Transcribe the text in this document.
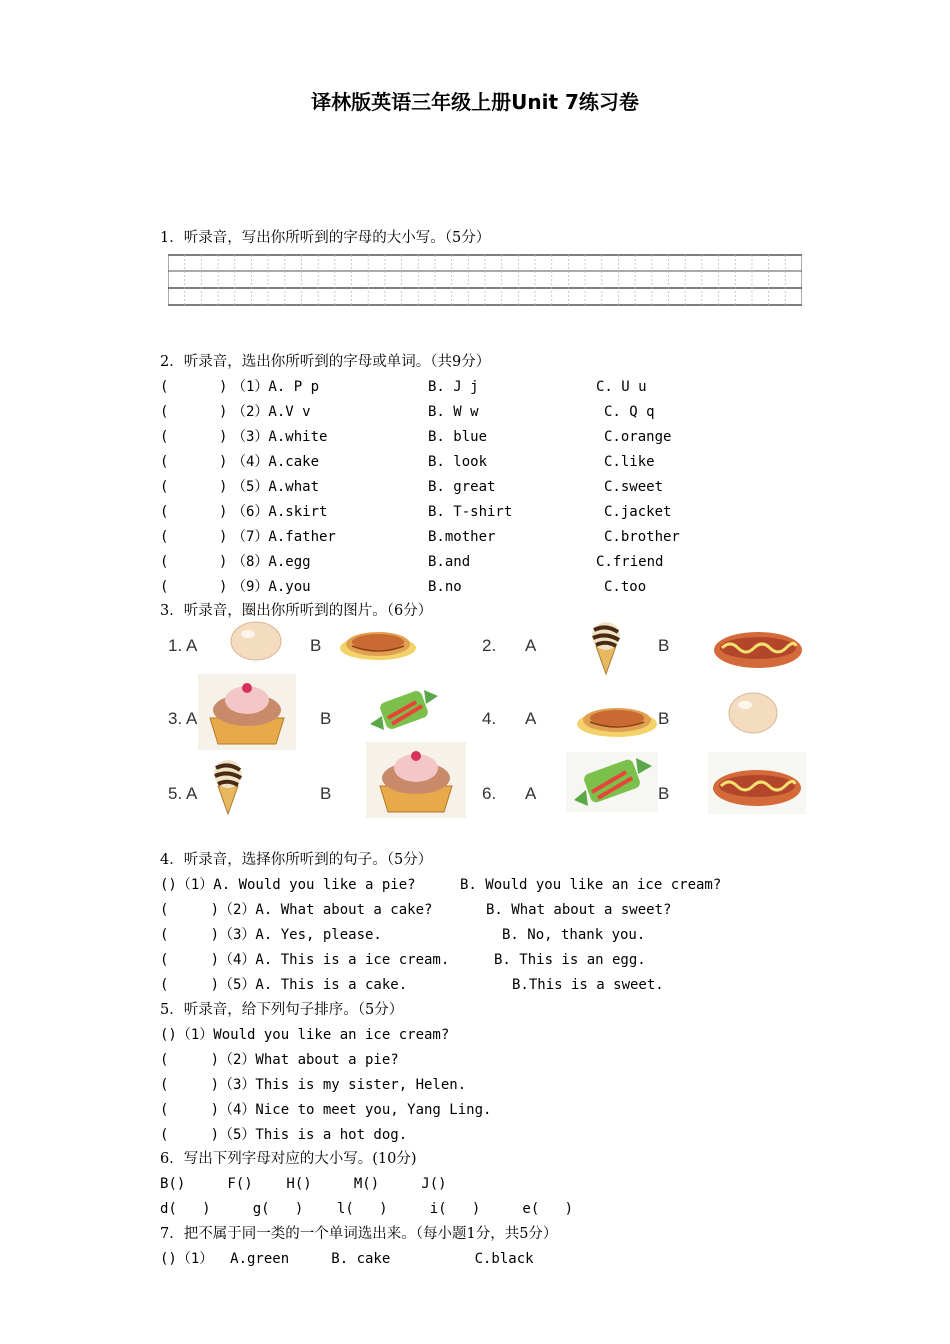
译林版英语三年级上册Unit 7练习卷
1．听录音，写出你所听到的字母的大小写。（5分）
2．听录音，选出你所听到的字母或单词。（共9分）
(      ) （1）A. P p	B. J j	C. U u
(      ) （2）A.V v	B. W w	C. Q q
(      ) （3）A.white	B. blue	C.orange
(      ) （4）A.cake	B. look	C.like
(      ) （5）A.what	B. great	C.sweet
(      ) （6）A.skirt	B. T-shirt	C.jacket
(      ) （7）A.father	B.mother	C.brother
(      ) （8）A.egg	B.and	C.friend
(      ) （9）A.you	B.no	C.too
3．听录音，圈出你所听到的图片。（6分）
1. A	B	2. A	B
3. A	B	4. A	B
5. A	B	6. A	B
4．听录音，选择你所听到的句子。（5分）
()（1）A. Would you like a pie?	B. Would you like an ice cream?
(     )（2）A. What about a cake?	B. What about a sweet?
(     )（3）A. Yes, please.	B. No, thank you.
(     )（4）A. This is a ice cream.	B. This is an egg.
(     )（5）A. This is a cake.	B.This is a sweet.
5．听录音，给下列句子排序。（5分）
()（1）Would you like an ice cream?
(     )（2）What about a pie?
(     )（3）This is my sister, Helen.
(     )（4）Nice to meet you, Yang Ling.
(     )（5）This is a hot dog.
6．写出下列字母对应的大小写。(10分)
B()     F()    H()     M()     J()
d(   )     g(   )    l(   )     i(   )     e(   )
7．把不属于同一类的一个单词选出来。（每小题1分，共5分）
()（1）  A.green     B. cake          C.black
